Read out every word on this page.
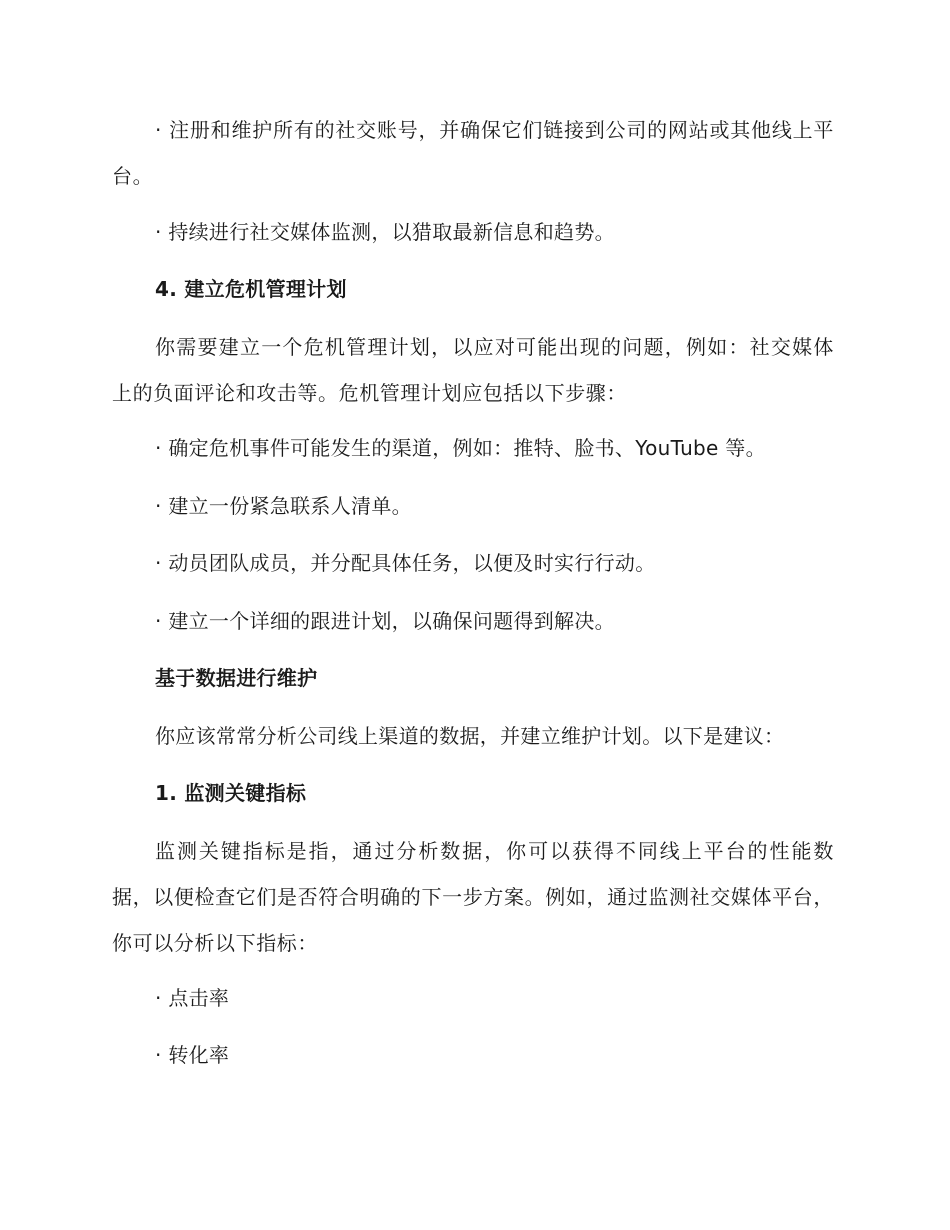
· 注册和维护所有的社交账号，并确保它们链接到公司的网站或其他线上平台。
· 持续进行社交媒体监测，以猎取最新信息和趋势。
4. 建立危机管理计划
你需要建立一个危机管理计划，以应对可能出现的问题，例如：社交媒体上的负面评论和攻击等。危机管理计划应包括以下步骤：
· 确定危机事件可能发生的渠道，例如：推特、脸书、YouTube 等。
· 建立一份紧急联系人清单。
· 动员团队成员，并分配具体任务，以便及时实行行动。
· 建立一个详细的跟进计划，以确保问题得到解决。
基于数据进行维护
你应该常常分析公司线上渠道的数据，并建立维护计划。以下是建议：
1. 监测关键指标
监测关键指标是指，通过分析数据，你可以获得不同线上平台的性能数据，以便检查它们是否符合明确的下一步方案。例如，通过监测社交媒体平台，你可以分析以下指标：
· 点击率
· 转化率
